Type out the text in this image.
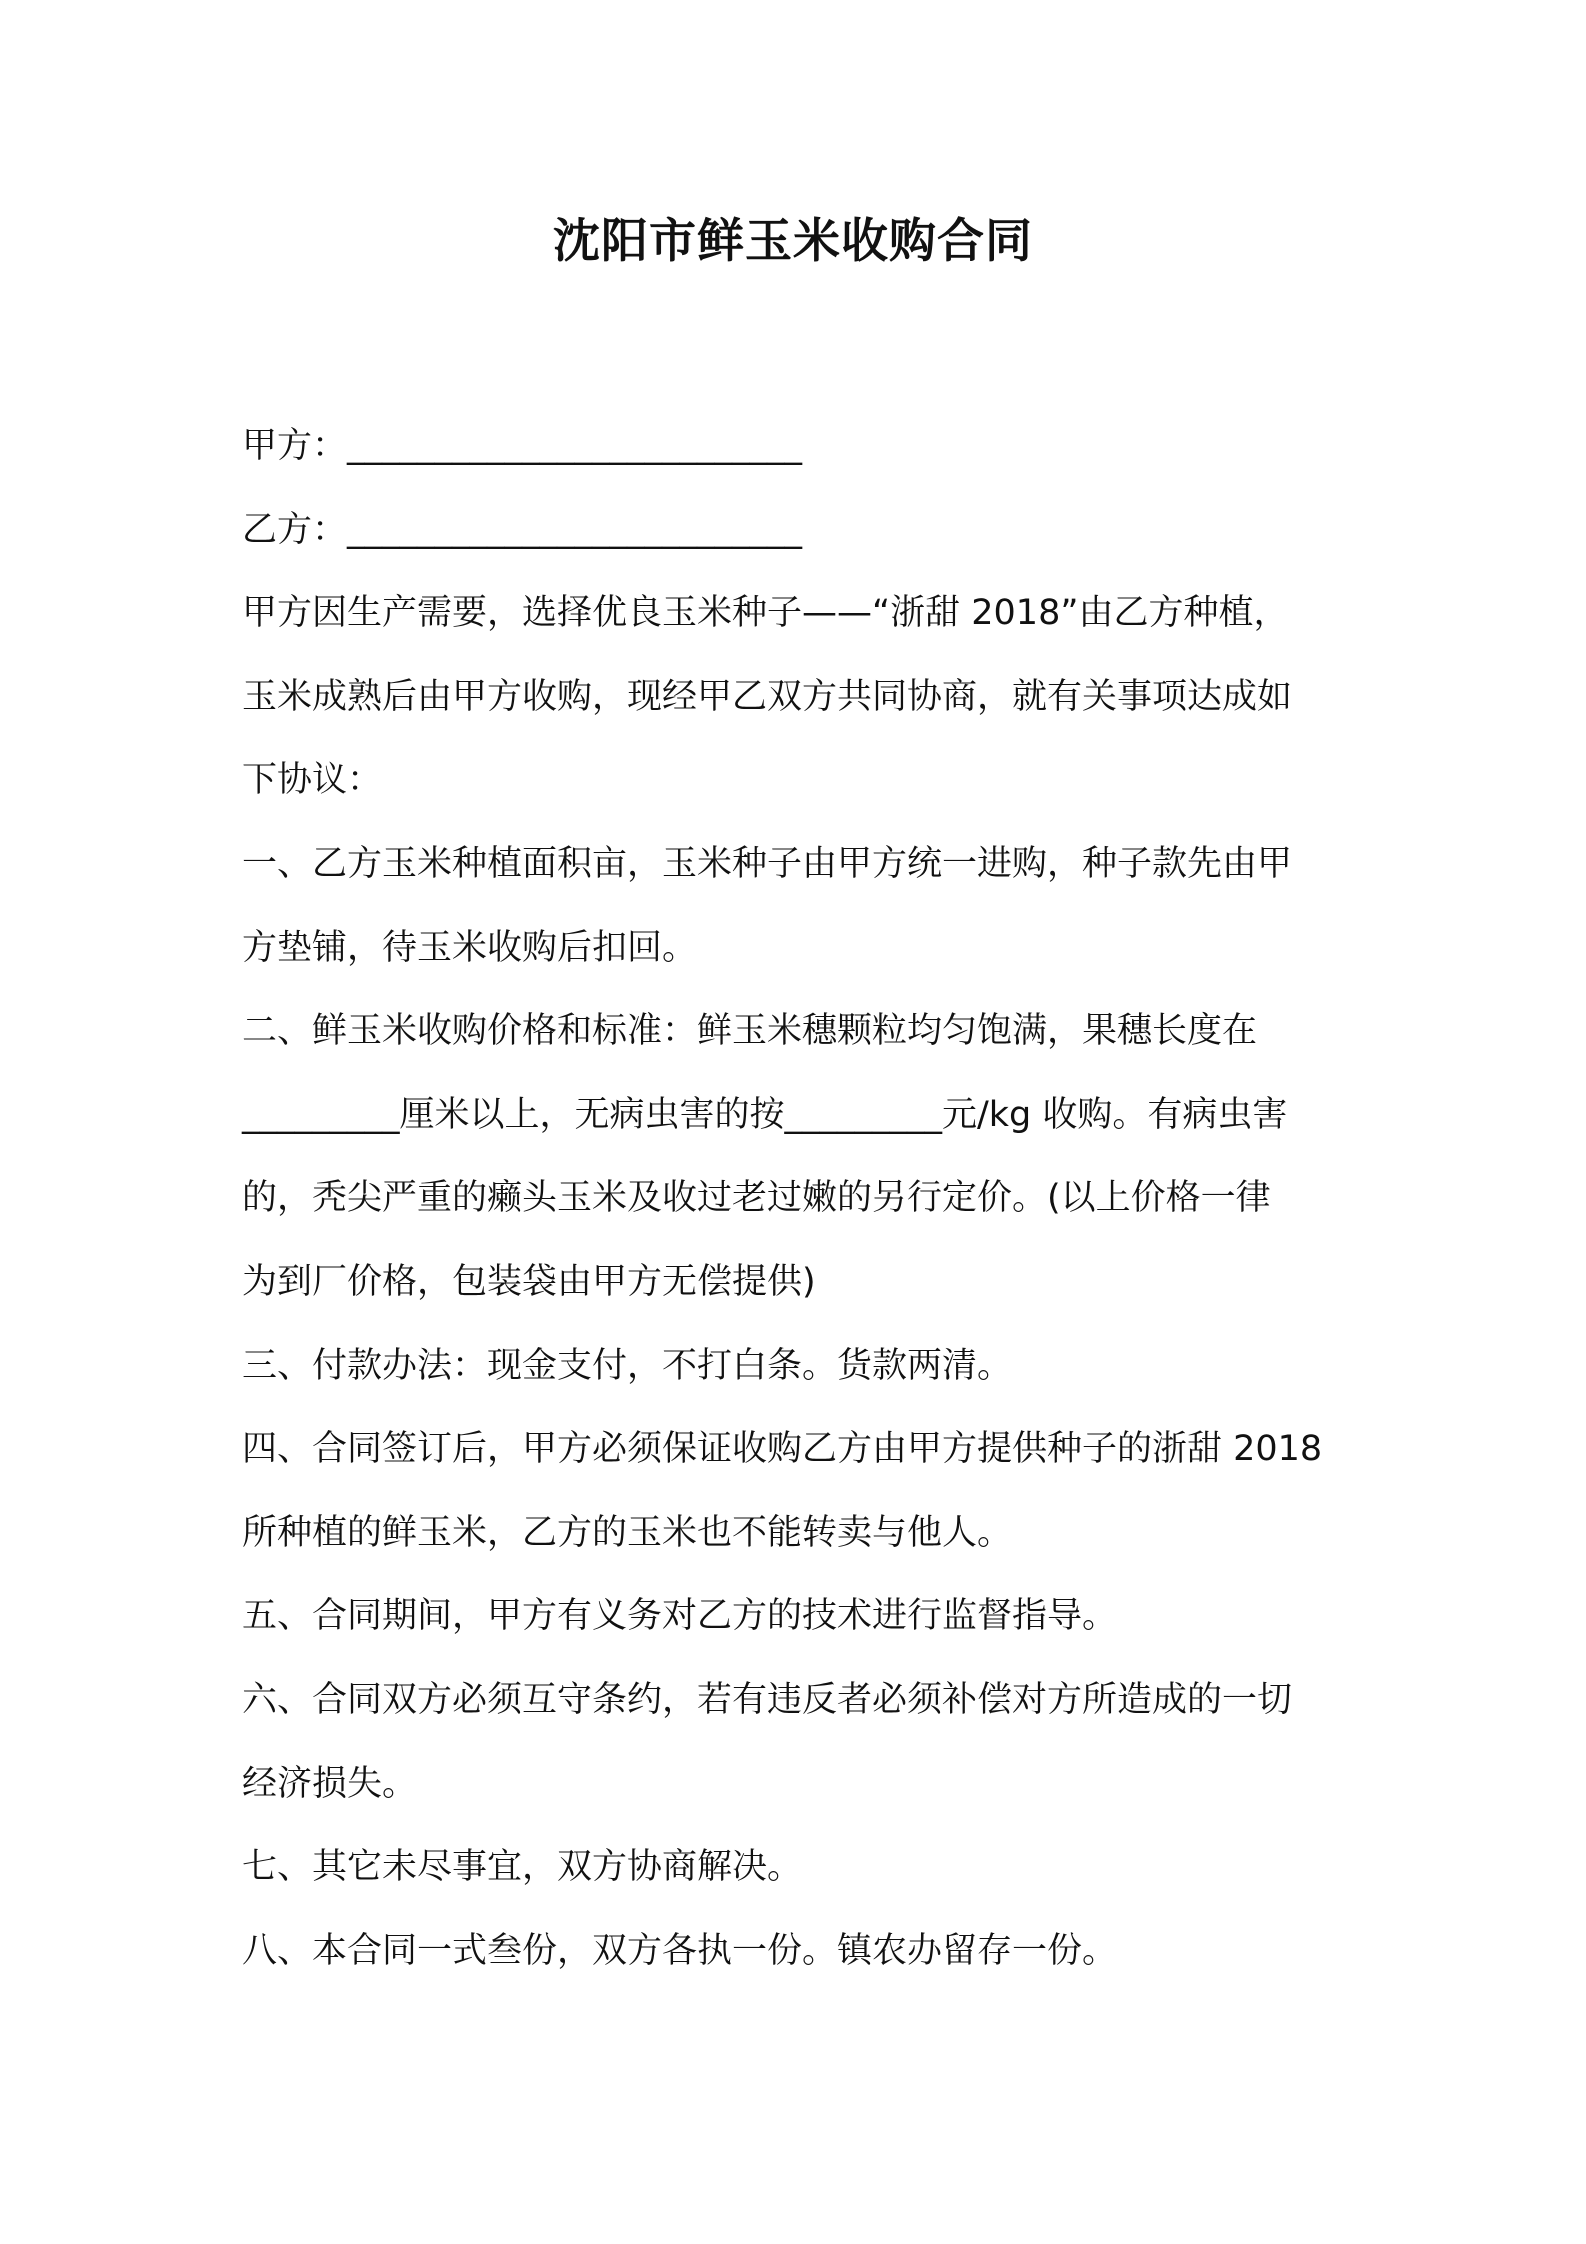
沈阳市鲜玉米收购合同
甲方：__________________________
乙方：__________________________
甲方因生产需要，选择优良玉米种子——“浙甜 2018”由乙方种植，
玉米成熟后由甲方收购，现经甲乙双方共同协商，就有关事项达成如
下协议：
一、乙方玉米种植面积亩，玉米种子由甲方统一进购，种子款先由甲
方垫铺，待玉米收购后扣回。
二、鲜玉米收购价格和标准：鲜玉米穗颗粒均匀饱满，果穗长度在
_________厘米以上，无病虫害的按_________元/kg 收购。有病虫害
的，秃尖严重的癞头玉米及收过老过嫩的另行定价。(以上价格一律
为到厂价格，包装袋由甲方无偿提供)
三、付款办法：现金支付，不打白条。货款两清。
四、合同签订后，甲方必须保证收购乙方由甲方提供种子的浙甜 2018
所种植的鲜玉米，乙方的玉米也不能转卖与他人。
五、合同期间，甲方有义务对乙方的技术进行监督指导。
六、合同双方必须互守条约，若有违反者必须补偿对方所造成的一切
经济损失。
七、其它未尽事宜，双方协商解决。
八、本合同一式叁份，双方各执一份。镇农办留存一份。
